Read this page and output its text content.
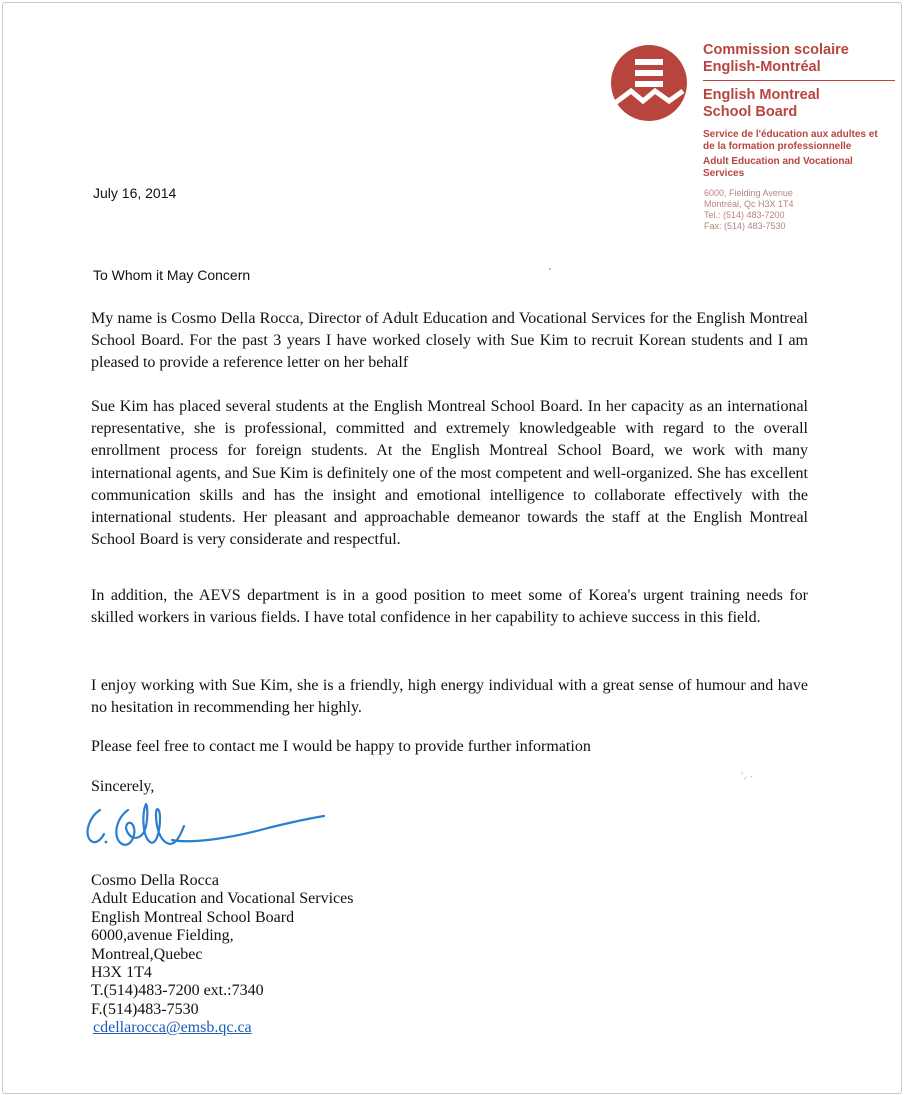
Commission scolaire
English-Montréal
English Montreal
School Board
Service de l'éducation aux adultes et
de la formation professionnelle
Adult Education and Vocational
Services
6000, Fielding Avenue
Montréal, Qc H3X 1T4
Tel.: (514) 483-7200
Fax: (514) 483-7530
July 16, 2014
To Whom it May Concern

My name is Cosmo Della Rocca, Director of Adult Education and Vocational Services for the English Montreal School Board. For the past 3 years I have worked closely with Sue Kim to recruit Korean students and I am pleased to provide a reference letter on her behalf

Sue Kim has placed several students at the English Montreal School Board. In her capacity as an international representative, she is professional, committed and extremely knowledgeable with regard to the overall enrollment process for foreign students. At the English Montreal School Board, we work with many international agents, and Sue Kim is definitely one of the most competent and well-organized. She has excellent communication skills and has the insight and emotional intelligence to collaborate effectively with the international students. Her pleasant and approachable demeanor towards the staff at the English Montreal School Board is very considerate and respectful.

In addition, the AEVS department is in a good position to meet some of Korea's urgent training needs for skilled workers in various fields. I have total confidence in her capability to achieve success in this field.

I enjoy working with Sue Kim, she is a friendly, high energy individual with a great sense of humour and have no hesitation in recommending her highly.

Please feel free to contact me I would be happy to provide further information

ʼ⸝ ·
Sincerely,
Cosmo Della Rocca
Adult Education and Vocational Services
English Montreal School Board
6000,avenue Fielding,
Montreal,Quebec
H3X 1T4
T.(514)483-7200 ext.:7340
F.(514)483-7530
cdellarocca@emsb.qc.ca
